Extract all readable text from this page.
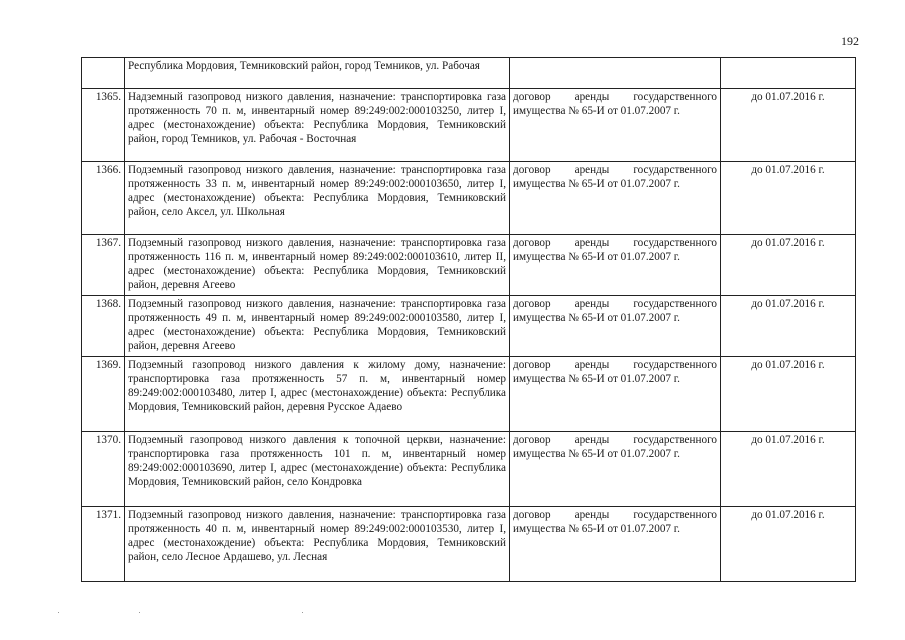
192
	Республика Мордовия, Темниковский район, город Темников, ул. Рабочая		
1365.	Надземный газопровод низкого давления, назначение: транспортировка газа протяженность 70 п. м, инвентарный номер 89:249:002:000103250, литер I, адрес (местонахождение) объекта: Республика Мордовия, Темниковский район, город Темников, ул. Рабочая - Восточная	договор аренды государственного имущества № 65-И от 01.07.2007 г.	до 01.07.2016 г.
1366.	Подземный газопровод низкого давления, назначение: транспортировка газа протяженность 33 п. м, инвентарный номер 89:249:002:000103650, литер I, адрес (местонахождение) объекта: Республика Мордовия, Темниковский район, село Аксел, ул. Школьная	договор аренды государственного имущества № 65-И от 01.07.2007 г.	до 01.07.2016 г.
1367.	Подземный газопровод низкого давления, назначение: транспортировка газа протяженность 116 п. м, инвентарный номер 89:249:002:000103610, литер II, адрес (местонахождение) объекта: Республика Мордовия, Темниковский район, деревня Агеево	договор аренды государственного имущества № 65-И от 01.07.2007 г.	до 01.07.2016 г.
1368.	Подземный газопровод низкого давления, назначение: транспортировка газа протяженность 49 п. м, инвентарный номер 89:249:002:000103580, литер I, адрес (местонахождение) объекта: Республика Мордовия, Темниковский район, деревня Агеево	договор аренды государственного имущества № 65-И от 01.07.2007 г.	до 01.07.2016 г.
1369.	Подземный газопровод низкого давления к жилому дому, назначение: транспортировка газа протяженность 57 п. м, инвентарный номер 89:249:002:000103480, литер I, адрес (местонахождение) объекта: Республика Мордовия, Темниковский район, деревня Русское Адаево	договор аренды государственного имущества № 65-И от 01.07.2007 г.	до 01.07.2016 г.
1370.	Подземный газопровод низкого давления к топочной церкви, назначение: транспортировка газа протяженность 101 п. м, инвентарный номер 89:249:002:000103690, литер I, адрес (местонахождение) объекта: Республика Мордовия, Темниковский район, село Кондровка	договор аренды государственного имущества № 65-И от 01.07.2007 г.	до 01.07.2016 г.
1371.	Подземный газопровод низкого давления, назначение: транспортировка газа протяженность 40 п. м, инвентарный номер 89:249:002:000103530, литер I, адрес (местонахождение) объекта: Республика Мордовия, Темниковский район, село Лесное Ардашево, ул. Лесная	договор аренды государственного имущества № 65-И от 01.07.2007 г.	до 01.07.2016 г.
